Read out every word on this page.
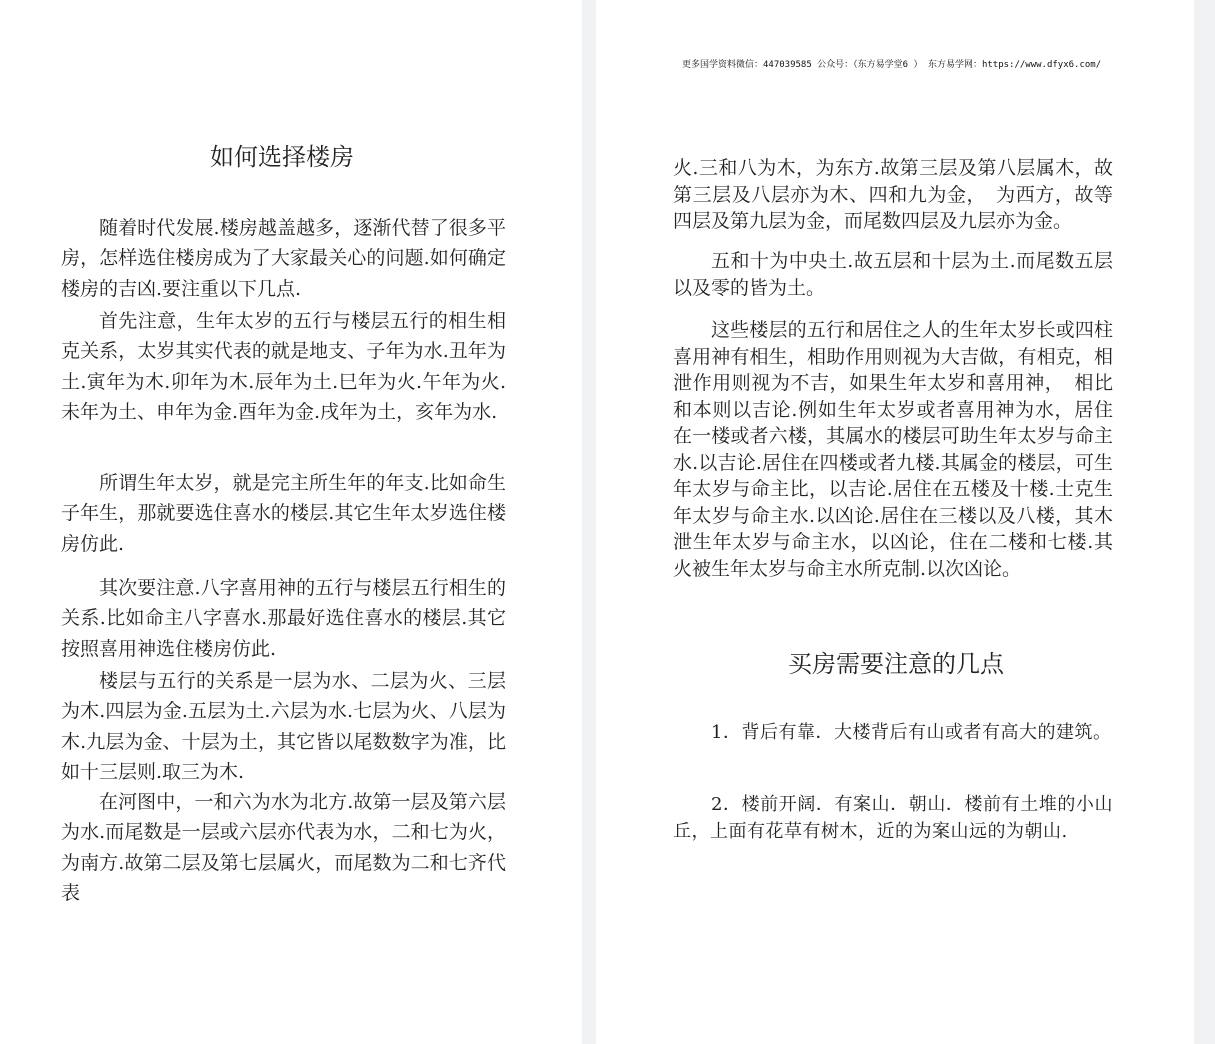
如何选择楼房

随着时代发展.楼房越盖越多，逐渐代替了很多平房，怎样选住楼房成为了大家最关心的问题.如何确定楼房的吉凶.要注重以下几点.

首先注意，生年太岁的五行与楼层五行的相生相克关系，太岁其实代表的就是地支、子年为水.丑年为土.寅年为木.卯年为木.辰年为土.巳年为火.午年为火.未年为土、申年为金.酉年为金.戌年为土，亥年为水.

所谓生年太岁，就是完主所生年的年支.比如命生子年生，那就要选住喜水的楼层.其它生年太岁选住楼房仿此.

其次要注意.八字喜用神的五行与楼层五行相生的关系.比如命主八字喜水.那最好选住喜水的楼层.其它按照喜用神选住楼房仿此.

楼层与五行的关系是一层为水、二层为火、三层为木.四层为金.五层为土.六层为水.七层为火、八层为木.九层为金、十层为土，其它皆以尾数数字为准，比如十三层则.取三为木.

在河图中，一和六为水为北方.故第一层及第六层为水.而尾数是一层或六层亦代表为水，二和七为火，为南方.故第二层及第七层属火，而尾数为二和七齐代表

更多国学资料微信：447039585 公众号：（东方易学堂6 ） 东方易学网：https://www.dfyx6.com/

火.三和八为木，为东方.故第三层及第八层属木，故第三层及八层亦为木、四和九为金，　为西方，故等四层及第九层为金，而尾数四层及九层亦为金。

五和十为中央土.故五层和十层为土.而尾数五层以及零的皆为土。

这些楼层的五行和居住之人的生年太岁长或四柱喜用神有相生，相助作用则视为大吉做，有相克，相泄作用则视为不吉，如果生年太岁和喜用神，　相比和本则以吉论.例如生年太岁或者喜用神为水，居住在一楼或者六楼，其属水的楼层可助生年太岁与命主水.以吉论.居住在四楼或者九楼.其属金的楼层，可生年太岁与命主比，以吉论.居住在五楼及十楼.士克生年太岁与命主水.以凶论.居住在三楼以及八楼，其木泄生年太岁与命主水，以凶论，住在二楼和七楼.其火被生年太岁与命主水所克制.以次凶论。

买房需要注意的几点

1．背后有靠．大楼背后有山或者有高大的建筑。

2．楼前开阔．有案山．朝山．楼前有土堆的小山丘，上面有花草有树木，近的为案山远的为朝山.
